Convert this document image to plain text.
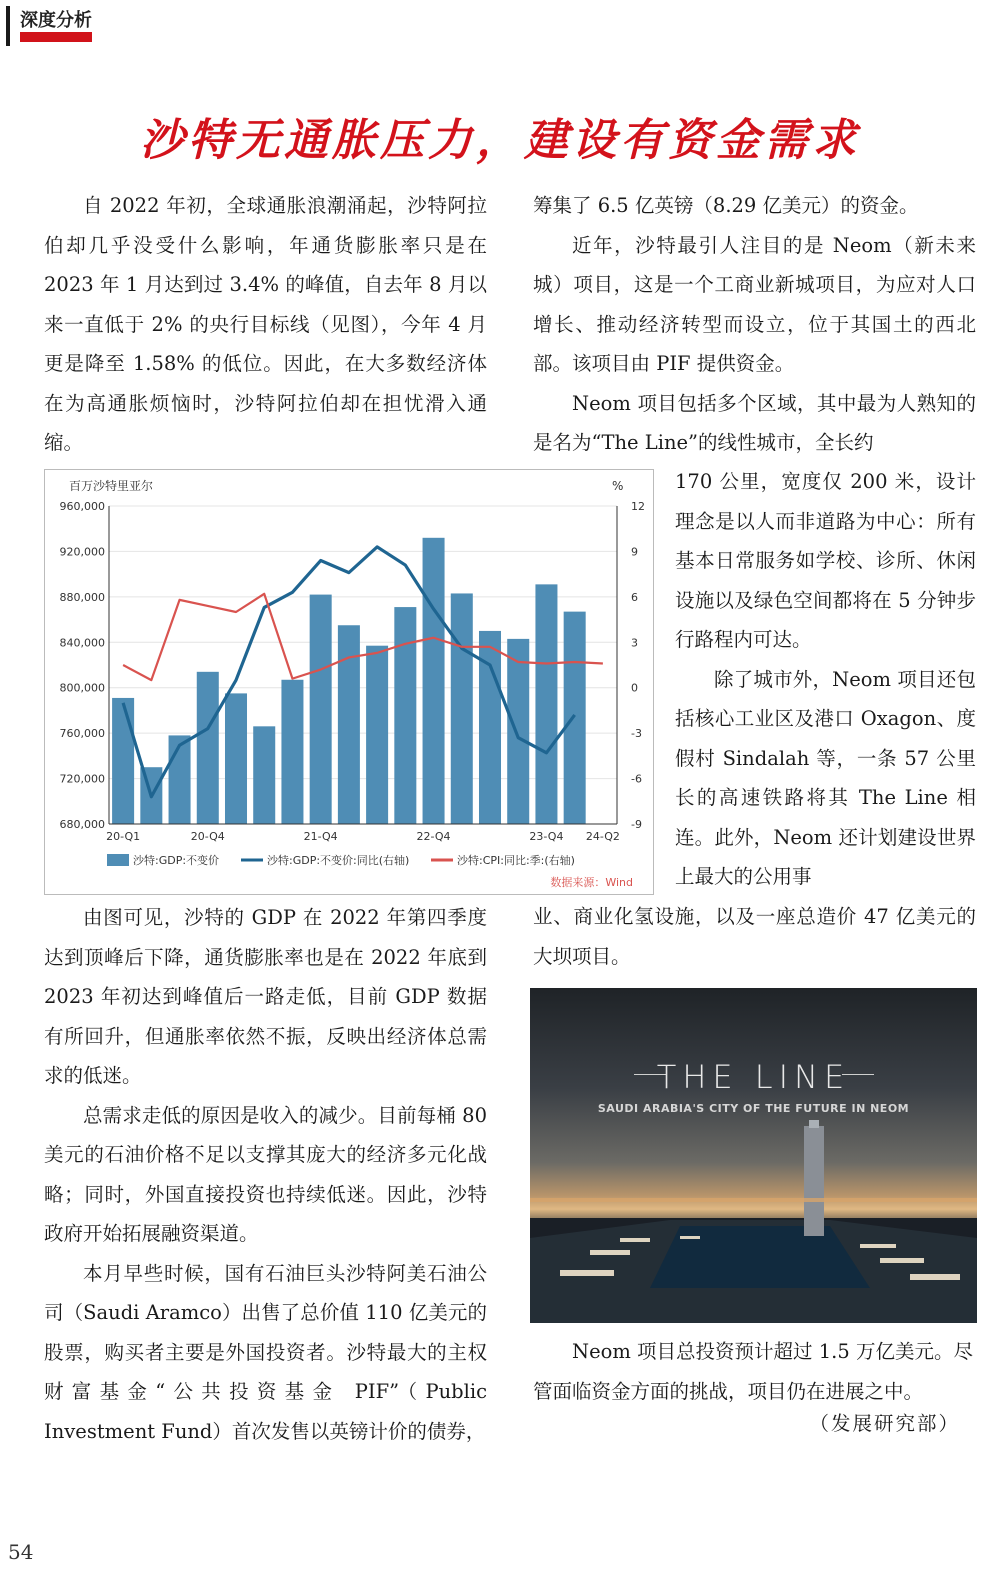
深度分析
沙特无通胀压力，建设有资金需求

自 2022 年初，全球通胀浪潮涌起，沙特阿拉伯却几乎没受什么影响，年通货膨胀率只是在 2023 年 1 月达到过 3.4% 的峰值，自去年 8 月以来一直低于 2% 的央行目标线（见图），今年 4 月更是降至 1.58% 的低位。因此，在大多数经济体在为高通胀烦恼时，沙特阿拉伯却在担忧滑入通缩。

百万沙特里亚尔	%
680,000
720,000
760,000
800,000
840,000
880,000
920,000
960,000
-9
-6
-3
0
3
6
9
12
20-Q1	20-Q4	21-Q4	22-Q4	23-Q4 24-Q2
沙特:GDP:不变价	沙特:GDP:不变价:同比(右轴)	沙特:CPI:同比:季:(右轴)
数据来源：Wind

由图可见，沙特的 GDP 在 2022 年第四季度达到顶峰后下降，通货膨胀率也是在 2022 年底到 2023 年初达到峰值后一路走低，目前 GDP 数据有所回升，但通胀率依然不振，反映出经济体总需求的低迷。

总需求走低的原因是收入的减少。目前每桶 80 美元的石油价格不足以支撑其庞大的经济多元化战略；同时，外国直接投资也持续低迷。因此，沙特政府开始拓展融资渠道。

本月早些时候，国有石油巨头沙特阿美石油公司（Saudi Aramco）出售了总价值 110 亿美元的股票，购买者主要是外国投资者。沙特最大的主权财富基金“公共投资基金 PIF”（Public Investment Fund）首次发售以英镑计价的债券，

筹集了 6.5 亿英镑（8.29 亿美元）的资金。

近年，沙特最引人注目的是 Neom（新未来城）项目，这是一个工商业新城项目，为应对人口增长、推动经济转型而设立，位于其国土的西北部。该项目由 PIF 提供资金。

Neom 项目包括多个区域，其中最为人熟知的是名为“The Line”的线性城市，全长约

170 公里，宽度仅 200 米，设计理念是以人而非道路为中心：所有基本日常服务如学校、诊所、休闲设施以及绿色空间都将在 5 分钟步行路程内可达。

除了城市外，Neom 项目还包括核心工业区及港口 Oxagon、度假村 Sindalah 等，一条 57 公里长的高速铁路将其 The Line 相连。此外，Neom 还计划建设世界上最大的公用事

业、商业化氢设施，以及一座总造价 47 亿美元的大坝项目。

THE LINE
SAUDI ARABIA'S CITY OF THE FUTURE IN NEOM
Neom 项目总投资预计超过 1.5 万亿美元。尽管面临资金方面的挑战，项目仍在进展之中。
（发展研究部）
54
